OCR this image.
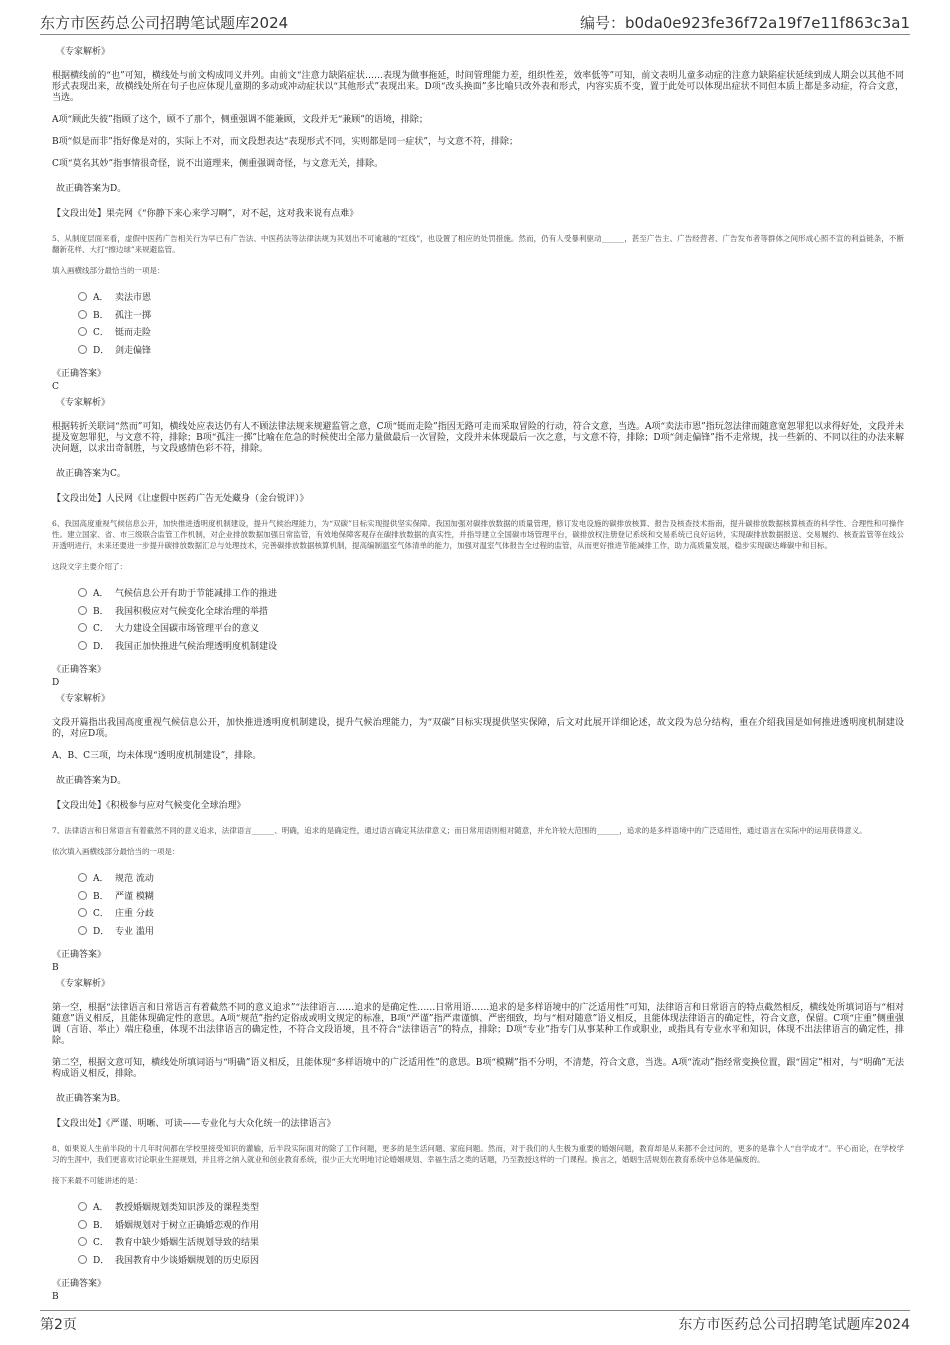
东方市医药总公司招聘笔试题库2024	编号：b0da0e923fe36f72a19f7e11f863c3a1

《专家解析》

根据横线前的“也”可知，横线处与前文构成同义并列。由前文“注意力缺陷症状……表现为做事拖延，时间管理能力差，组织性差，效率低等”可知，前文表明儿童多动症的注意力缺陷症状延续到成人期会以其他不同形式表现出来，故横线处所在句子也应体现儿童期的多动或冲动症状以“其他形式”表现出来。D项“改头换面”多比喻只改外表和形式，内容实质不变，置于此处可以体现出症状不同但本质上都是多动症，符合文意，当选。

A项“顾此失彼”指顾了这个，顾不了那个，侧重强调不能兼顾，文段并无“兼顾”的语境，排除；

B项“似是而非”指好像是对的，实际上不对，而文段想表达“表现形式不同，实则都是同一症状”，与文意不符，排除；

C项“莫名其妙”指事情很奇怪，说不出道理来，侧重强调奇怪，与文意无关，排除。

故正确答案为D。

【文段出处】果壳网《“你静下来心来学习啊”，对不起，这对我来说有点难》

5、从制度层面来看，虚假中医药广告相关行为早已有广告法、中医药法等法律法规为其划出不可逾越的“红线”，也设置了相应的处罚措施。然而，仍有人受暴利驱动______，甚至广告主、广告经营者、广告发布者等群体之间形成心照不宣的利益链条，不断翻新花样、大打“擦边球”来规避监管。

填入画横线部分最恰当的一项是：

A． 卖法市恩
B． 孤注一掷
C． 铤而走险
D． 剑走偏锋

《正确答案》

C

《专家解析》

根据转折关联词“然而”可知，横线处应表达仍有人不顾法律法规来规避监管之意，C项“铤而走险”指因无路可走而采取冒险的行动，符合文意，当选。A项“卖法市恩”指玩忽法律而随意宽恕罪犯以求得好处，文段并未提及宽恕罪犯，与文意不符，排除；B项“孤注一掷”比喻在危急的时候使出全部力量做最后一次冒险，文段并未体现最后一次之意，与文意不符，排除；D项“剑走偏锋”指不走常规，找一些新的、不同以往的办法来解决问题，以求出奇制胜，与文段感情色彩不符，排除。

故正确答案为C。

【文段出处】人民网《让虚假中医药广告无处藏身（金台锐评）》

6、我国高度重视气候信息公开，加快推进透明度机制建设，提升气候治理能力，为“双碳”目标实现提供坚实保障。我国加强对碳排放数据的质量管理，修订发电设施的碳排放核算、报告及核查技术指南，提升碳排放数据核算核查的科学性、合理性和可操作性。建立国家、省、市三级联合监管工作机制，对企业排放数据加强日常监管，有效地保障客观存在碳排放数据的真实性，并指导建立全国碳市场管理平台，碳排放权注册登记系统和交易系统已良好运转，实现碳排放数据报送、交易履约、核查监管等在线公开透明进行，未来还要进一步提升碳排放数据汇总与处理技术，完善碳排放数据核算机制，提高编制温室气体清单的能力，加强对温室气体报告全过程的监管，从而更好推进节能减排工作，助力高质量发展，稳步实现碳达峰碳中和目标。

这段文字主要介绍了：

A． 气候信息公开有助于节能减排工作的推进
B． 我国积极应对气候变化全球治理的举措
C． 大力建设全国碳市场管理平台的意义
D． 我国正加快推进气候治理透明度机制建设

《正确答案》

D

《专家解析》

文段开篇指出我国高度重视气候信息公开，加快推进透明度机制建设，提升气候治理能力，为“双碳”目标实现提供坚实保障，后文对此展开详细论述，故文段为总分结构，重在介绍我国是如何推进透明度机制建设的，对应D项。

A、B、C三项，均未体现“透明度机制建设”，排除。

故正确答案为D。

【文段出处】《积极参与应对气候变化全球治理》

7、法律语言和日常语言有着截然不同的意义追求，法律语言______、明确，追求的是确定性，通过语言确定其法律意义；而日常用语则相对随意，并允许较大范围的______，追求的是多样语境中的广泛适用性，通过语言在实际中的运用获得意义。

依次填入画横线部分最恰当的一项是：

A． 规范 流动
B． 严谨 模糊
C． 庄重 分歧
D． 专业 滥用

《正确答案》

B

《专家解析》

第一空，根据“法律语言和日常语言有着截然不同的意义追求”“法律语言……追求的是确定性……日常用语……追求的是多样语境中的广泛适用性”可知，法律语言和日常语言的特点截然相反，横线处所填词语与“相对随意”语义相反，且能体现确定性的意思。A项“规范”指约定俗成或明文规定的标准，B项“严谨”指严肃谨慎、严密细致，均与“相对随意”语义相反，且能体现法律语言的确定性，符合文意，保留。C项“庄重”侧重强调（言语、举止）端庄稳重，体现不出法律语言的确定性，不符合文段语境，且不符合“法律语言”的特点，排除；D项“专业”指专门从事某种工作或职业，或指具有专业水平和知识，体现不出法律语言的确定性，排除。

第二空，根据文意可知，横线处所填词语与“明确”语义相反，且能体现“多样语境中的广泛适用性”的意思。B项“模糊”指不分明，不清楚，符合文意，当选。A项“流动”指经常变换位置，跟“固定”相对，与“明确”无法构成语义相反，排除。

故正确答案为B。

【文段出处】《严谨、明晰、可读——专业化与大众化统一的法律语言》

8、如果说人生前半段的十几年时间都在学校里接受知识的灌输，后半段实际面对的除了工作问题，更多的是生活问题、家庭问题。然而，对于我们的人生极为重要的婚姻问题，教育却是从来都不会过问的，更多的是靠个人“自学成才”。平心而论，在学校学习的生涯中，我们更喜欢讨论职业生涯规划，并且将之纳入就业和创业教育系统，很少正大光明地讨论婚姻规划、幸福生活之类的话题，乃至教授这样的一门课程。换言之，婚姻生活规划在教育系统中总体是偏废的。

接下来最不可能讲述的是：

A． 教授婚姻规划类知识涉及的课程类型
B． 婚姻规划对于树立正确婚恋观的作用
C． 教育中缺少婚姻生活规划导致的结果
D． 我国教育中少谈婚姻规划的历史原因

《正确答案》

B

第2页	东方市医药总公司招聘笔试题库2024
